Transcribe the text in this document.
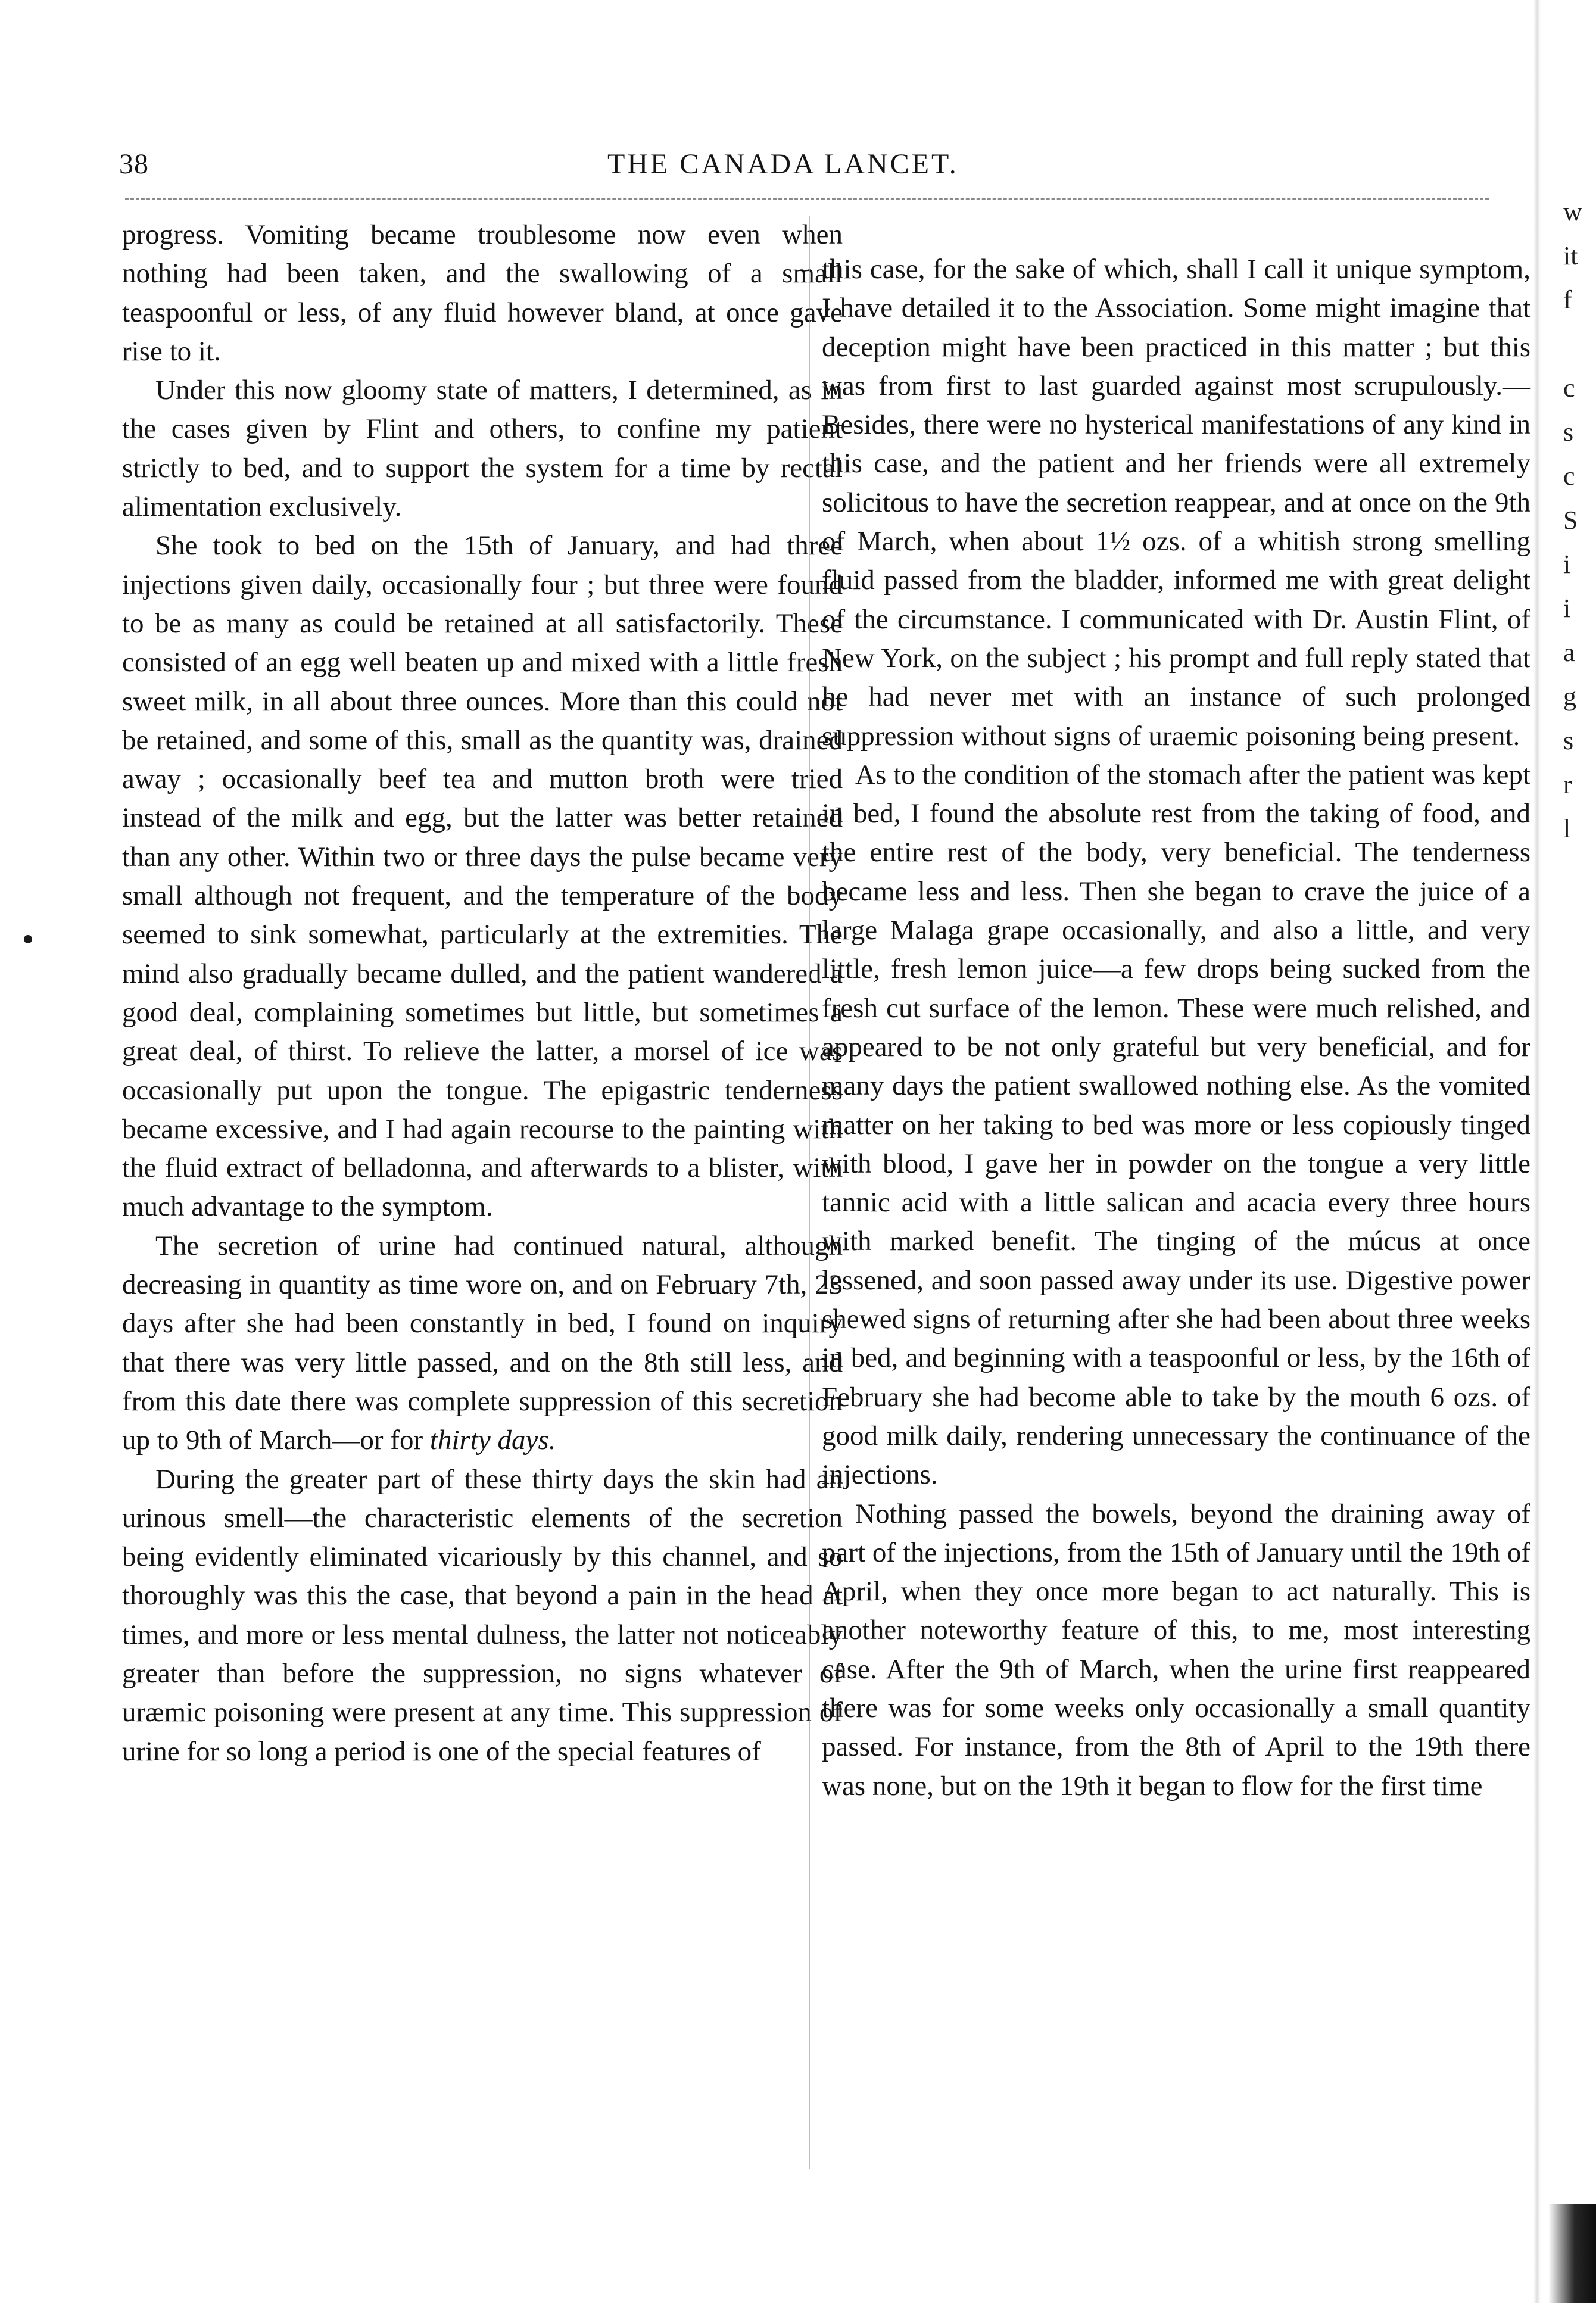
38	THE CANADA LANCET.

progress. Vomiting became troublesome now even when nothing had been taken, and the swallowing of a small teaspoonful or less, of any fluid however bland, at once gave rise to it.

Under this now gloomy state of matters, I determined, as in the cases given by Flint and others, to confine my patient strictly to bed, and to support the system for a time by rectal alimentation exclusively.

She took to bed on the 15th of January, and had three injections given daily, occasionally four ; but three were found to be as many as could be retained at all satisfactorily. These consisted of an egg well beaten up and mixed with a little fresh sweet milk, in all about three ounces. More than this could not be retained, and some of this, small as the quantity was, drained away ; occasionally beef tea and mutton broth were tried instead of the milk and egg, but the latter was better retained than any other. Within two or three days the pulse became very small although not frequent, and the temperature of the body seemed to sink somewhat, particularly at the extremities. The mind also gradually became dulled, and the patient wandered a good deal, complaining sometimes but little, but sometimes a great deal, of thirst. To relieve the latter, a morsel of ice was occasionally put upon the tongue. The epigastric tenderness became excessive, and I had again recourse to the painting with the fluid extract of belladonna, and afterwards to a blister, with much advantage to the symptom.

The secretion of urine had continued natural, although decreasing in quantity as time wore on, and on February 7th, 23 days after she had been constantly in bed, I found on inquiry that there was very little passed, and on the 8th still less, and from this date there was complete suppression of this secretion up to 9th of March—or for thirty days.

During the greater part of these thirty days the skin had an urinous smell—the characteristic elements of the secretion being evidently eliminated vicariously by this channel, and so thoroughly was this the case, that beyond a pain in the head at times, and more or less mental dulness, the latter not noticeably greater than before the suppression, no signs whatever of uræmic poisoning were present at any time. This suppression of urine for so long a period is one of the special features of

this case, for the sake of which, shall I call it unique symptom, I have detailed it to the Association. Some might imagine that deception might have been practiced in this matter ; but this was from first to last guarded against most scrupulously.— Besides, there were no hysterical manifestations of any kind in this case, and the patient and her friends were all extremely solicitous to have the secretion reappear, and at once on the 9th of March, when about 1½ ozs. of a whitish strong smelling fluid passed from the bladder, informed me with great delight of the circumstance. I communicated with Dr. Austin Flint, of New York, on the subject ; his prompt and full reply stated that he had never met with an instance of such prolonged suppression without signs of uraemic poisoning being present.

As to the condition of the stomach after the patient was kept in bed, I found the absolute rest from the taking of food, and the entire rest of the body, very beneficial. The tenderness became less and less. Then she began to crave the juice of a large Malaga grape occasionally, and also a little, and very little, fresh lemon juice—a few drops being sucked from the fresh cut surface of the lemon. These were much relished, and appeared to be not only grateful but very beneficial, and for many days the patient swallowed nothing else. As the vomited matter on her taking to bed was more or less copiously tinged with blood, I gave her in powder on the tongue a very little tannic acid with a little salican and acacia every three hours with marked benefit. The tinging of the múcus at once lessened, and soon passed away under its use. Digestive power shewed signs of returning after she had been about three weeks in bed, and beginning with a teaspoonful or less, by the 16th of February she had become able to take by the mouth 6 ozs. of good milk daily, rendering unnecessary the continuance of the injections.

Nothing passed the bowels, beyond the draining away of part of the injections, from the 15th of January until the 19th of April, when they once more began to act naturally. This is another noteworthy feature of this, to me, most interesting case. After the 9th of March, when the urine first reappeared there was for some weeks only occasionally a small quantity passed. For instance, from the 8th of April to the 19th there was none, but on the 19th it began to flow for the first time

w
it
f
c
s
c
S
i
i
a
g
s
r
l
